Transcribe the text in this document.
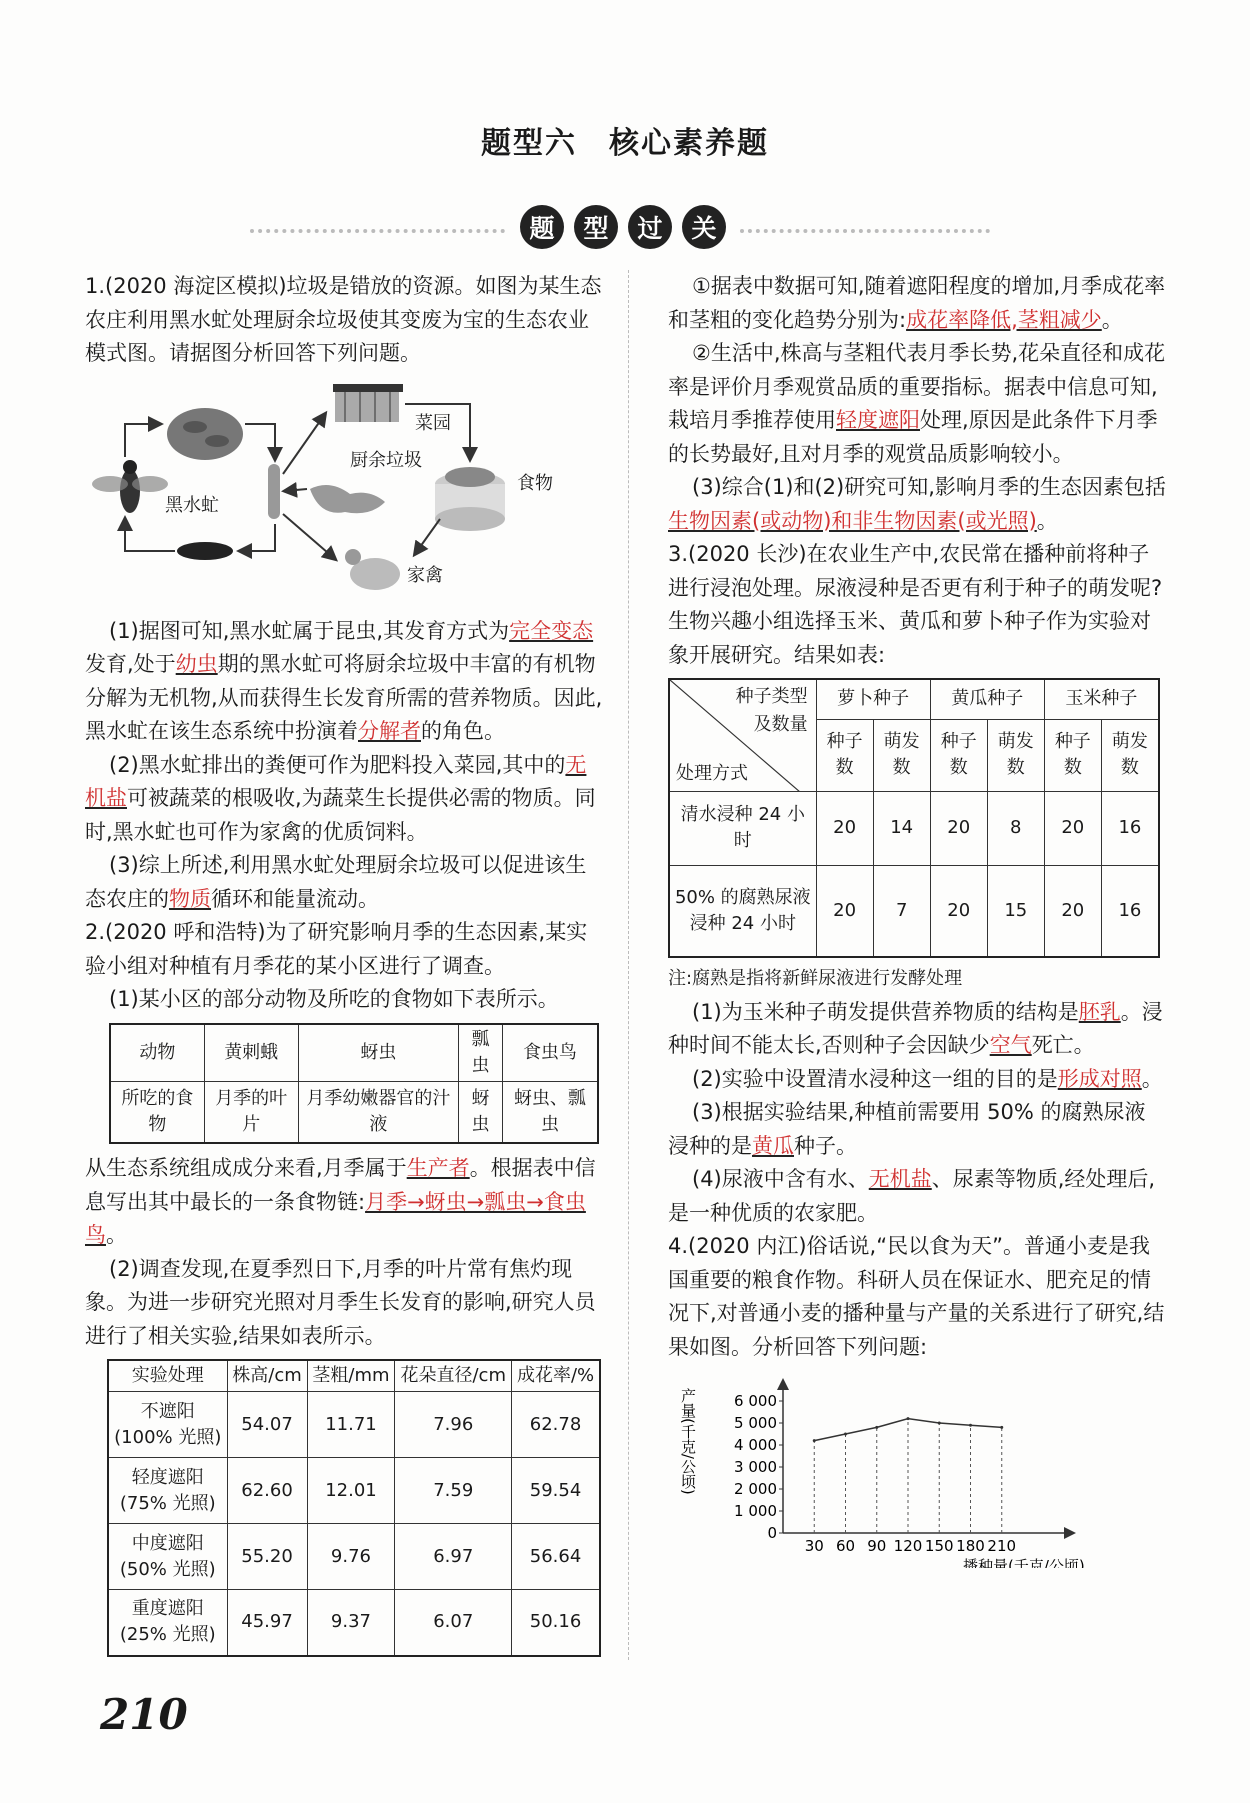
题型六　核心素养题
题	型	过	关

1.(2020 海淀区模拟)垃圾是错放的资源。如图为某生态农庄利用黑水虻处理厨余垃圾使其变废为宝的生态农业模式图。请据图分析回答下列问题。

黑水虻
菜园
厨余垃圾
食物
家禽

(1)据图可知,黑水虻属于昆虫,其发育方式为完全变态发育,处于幼虫期的黑水虻可将厨余垃圾中丰富的有机物分解为无机物,从而获得生长发育所需的营养物质。因此,黑水虻在该生态系统中扮演着分解者的角色。

(2)黑水虻排出的粪便可作为肥料投入菜园,其中的无机盐可被蔬菜的根吸收,为蔬菜生长提供必需的物质。同时,黑水虻也可作为家禽的优质饲料。

(3)综上所述,利用黑水虻处理厨余垃圾可以促进该生态农庄的物质循环和能量流动。

2.(2020 呼和浩特)为了研究影响月季的生态因素,某实验小组对种植有月季花的某小区进行了调查。

(1)某小区的部分动物及所吃的食物如下表所示。

动物	黄刺蛾	蚜虫	瓢虫	食虫鸟
所吃的食物	月季的叶片	月季幼嫩器官的汁液	蚜虫	蚜虫、瓢虫

从生态系统组成成分来看,月季属于生产者。根据表中信息写出其中最长的一条食物链:月季→蚜虫→瓢虫→食虫鸟。

(2)调查发现,在夏季烈日下,月季的叶片常有焦灼现象。为进一步研究光照对月季生长发育的影响,研究人员进行了相关实验,结果如表所示。

实验处理	株高/cm	茎粗/mm	花朵直径/cm	成花率/%
不遮阳
(100% 光照)	54.07	11.71	7.96	62.78
轻度遮阳
(75% 光照)	62.60	12.01	7.59	59.54
中度遮阳
(50% 光照)	55.20	9.76	6.97	56.64
重度遮阳
(25% 光照)	45.97	9.37	6.07	50.16

①据表中数据可知,随着遮阳程度的增加,月季成花率和茎粗的变化趋势分别为:成花率降低,茎粗减少。

②生活中,株高与茎粗代表月季长势,花朵直径和成花率是评价月季观赏品质的重要指标。据表中信息可知,栽培月季推荐使用轻度遮阳处理,原因是此条件下月季的长势最好,且对月季的观赏品质影响较小。

(3)综合(1)和(2)研究可知,影响月季的生态因素包括生物因素(或动物)和非生物因素(或光照)。

3.(2020 长沙)在农业生产中,农民常在播种前将种子进行浸泡处理。尿液浸种是否更有利于种子的萌发呢?生物兴趣小组选择玉米、黄瓜和萝卜种子作为实验对象开展研究。结果如表:

种子类型
及数量
处理方式	萝卜种子		黄瓜种子		玉米种子	
	种子数	萌发数	种子数	萌发数	种子数	萌发数
清水浸种 24 小时	20	14	20	8	20	16
50% 的腐熟尿液浸种 24 小时	20	7	20	15	20	16

注:腐熟是指将新鲜尿液进行发酵处理

(1)为玉米种子萌发提供营养物质的结构是胚乳。浸种时间不能太长,否则种子会因缺少空气死亡。

(2)实验中设置清水浸种这一组的目的是形成对照。

(3)根据实验结果,种植前需要用 50% 的腐熟尿液浸种的是黄瓜种子。

(4)尿液中含有水、无机盐、尿素等物质,经处理后,是一种优质的农家肥。

4.(2020 内江)俗话说,“民以食为天”。普通小麦是我国重要的粮食作物。科研人员在保证水、肥充足的情况下,对普通小麦的播种量与产量的关系进行了研究,结果如图。分析回答下列问题:

0
1 000
2 000
3 000
4 000
5 000
6 000
30 60 90 120 150 180 210
产量(千克/公顷)
播种量(千克/公顷)
210
